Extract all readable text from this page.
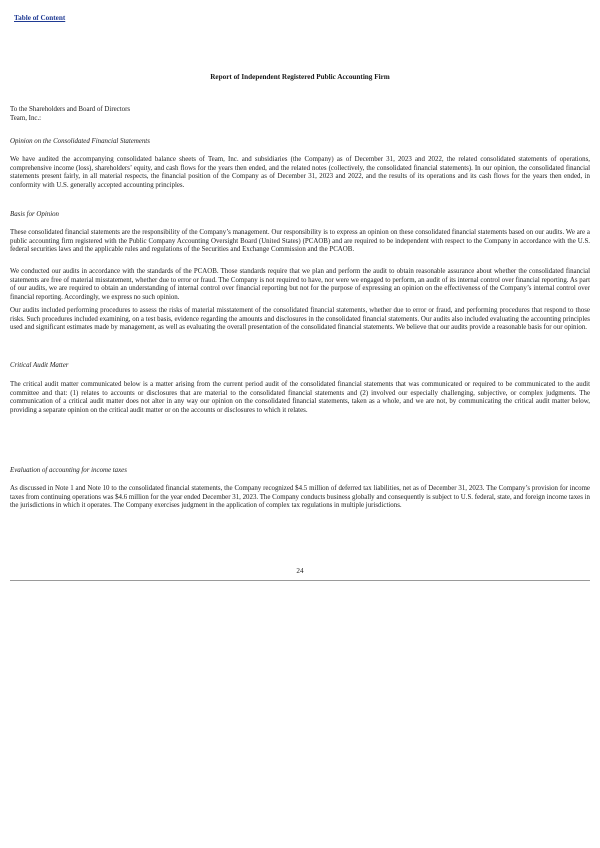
Table of Content
Report of Independent Registered Public Accounting Firm

To the Shareholders and Board of Directors
Team, Inc.:

Opinion on the Consolidated Financial Statements

We have audited the accompanying consolidated balance sheets of Team, Inc. and subsidiaries (the Company) as of December 31, 2023 and 2022, the related consolidated statements of operations, comprehensive income (loss), shareholders’ equity, and cash flows for the years then ended, and the related notes (collectively, the consolidated financial statements). In our opinion, the consolidated financial statements present fairly, in all material respects, the financial position of the Company as of December 31, 2023 and 2022, and the results of its operations and its cash flows for the years then ended, in conformity with U.S. generally accepted accounting principles.

Basis for Opinion

These consolidated financial statements are the responsibility of the Company’s management. Our responsibility is to express an opinion on these consolidated financial statements based on our audits. We are a public accounting firm registered with the Public Company Accounting Oversight Board (United States) (PCAOB) and are required to be independent with respect to the Company in accordance with the U.S. federal securities laws and the applicable rules and regulations of the Securities and Exchange Commission and the PCAOB.

We conducted our audits in accordance with the standards of the PCAOB. Those standards require that we plan and perform the audit to obtain reasonable assurance about whether the consolidated financial statements are free of material misstatement, whether due to error or fraud. The Company is not required to have, nor were we engaged to perform, an audit of its internal control over financial reporting. As part of our audits, we are required to obtain an understanding of internal control over financial reporting but not for the purpose of expressing an opinion on the effectiveness of the Company’s internal control over financial reporting. Accordingly, we express no such opinion.

Our audits included performing procedures to assess the risks of material misstatement of the consolidated financial statements, whether due to error or fraud, and performing procedures that respond to those risks. Such procedures included examining, on a test basis, evidence regarding the amounts and disclosures in the consolidated financial statements. Our audits also included evaluating the accounting principles used and significant estimates made by management, as well as evaluating the overall presentation of the consolidated financial statements. We believe that our audits provide a reasonable basis for our opinion.

Critical Audit Matter

The critical audit matter communicated below is a matter arising from the current period audit of the consolidated financial statements that was communicated or required to be communicated to the audit committee and that: (1) relates to accounts or disclosures that are material to the consolidated financial statements and (2) involved our especially challenging, subjective, or complex judgments. The communication of a critical audit matter does not alter in any way our opinion on the consolidated financial statements, taken as a whole, and we are not, by communicating the critical audit matter below, providing a separate opinion on the critical audit matter or on the accounts or disclosures to which it relates.

Evaluation of accounting for income taxes

As discussed in Note 1 and Note 10 to the consolidated financial statements, the Company recognized $4.5 million of deferred tax liabilities, net as of December 31, 2023. The Company’s provision for income taxes from continuing operations was $4.6 million for the year ended December 31, 2023. The Company conducts business globally and consequently is subject to U.S. federal, state, and foreign income taxes in the jurisdictions in which it operates. The Company exercises judgment in the application of complex tax regulations in multiple jurisdictions.

24
